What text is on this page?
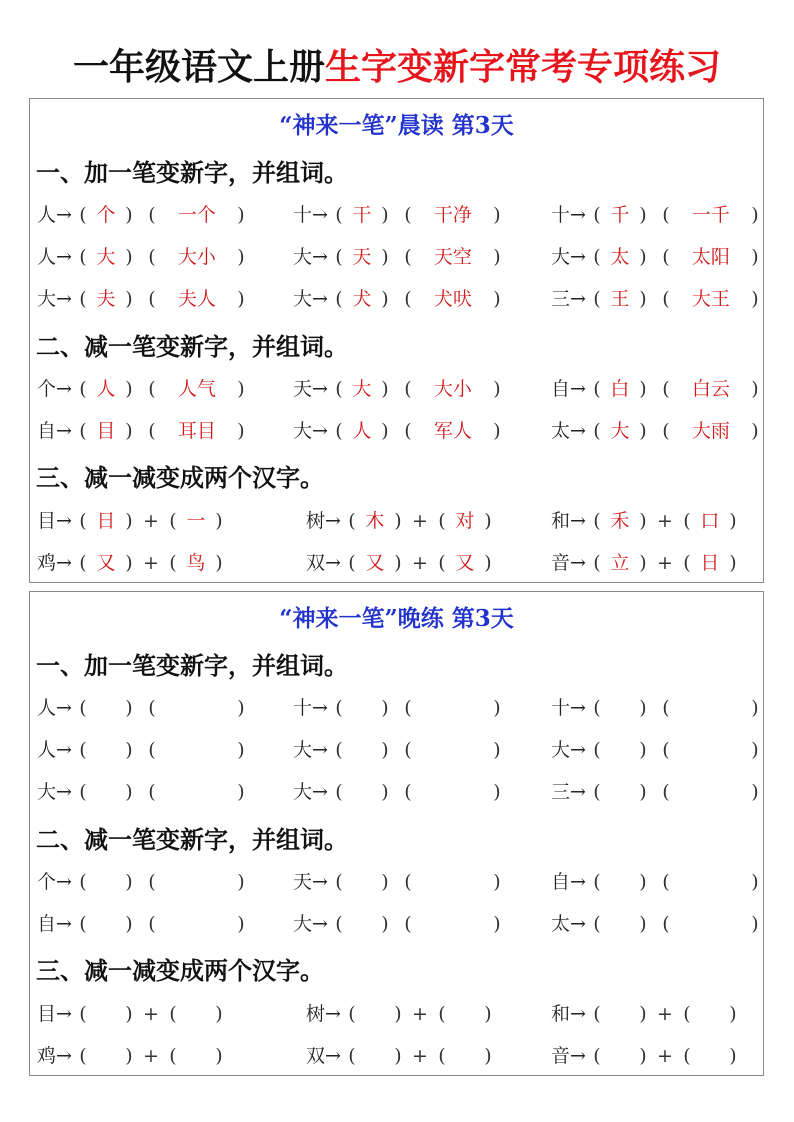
一年级语文上册生字变新字常考专项练习
“神来一笔”晨读 第3天
一、加一笔变新字，并组词。
人→ ( 个 ) ( 一个 )	十→ ( 干 ) ( 干净 )	十→ ( 千 ) ( 一千 )
人→ ( 大 ) ( 大小 )	大→ ( 天 ) ( 天空 )	大→ ( 太 ) ( 太阳 )
大→ ( 夫 ) ( 夫人 )	大→ ( 犬 ) ( 犬吠 )	三→ ( 王 ) ( 大王 )
二、减一笔变新字，并组词。
个→ ( 人 ) ( 人气 )	天→ ( 大 ) ( 大小 )	自→ ( 白 ) ( 白云 )
自→ ( 目 ) ( 耳目 )	大→ ( 人 ) ( 军人 )	太→ ( 大 ) ( 大雨 )
三、减一减变成两个汉字。
目→ ( 日 ) + ( 一 )	树→ ( 木 ) + ( 对 )	和→ ( 禾 ) + ( 口 )
鸡→ ( 又 ) + ( 鸟 )	双→ ( 又 ) + ( 又 )	音→ ( 立 ) + ( 日 )
“神来一笔”晚练 第3天
一、加一笔变新字，并组词。
人→ ( ) (	)	十→ ( ) (	)	十→ ( ) (	)
人→ ( ) (	)	大→ ( ) (	)	大→ ( ) (	)
大→ ( ) (	)	大→ ( ) (	)	三→ ( ) (	)
二、减一笔变新字，并组词。
个→ ( ) (	)	天→ ( ) (	)	自→ ( ) (	)
自→ ( ) (	)	大→ ( ) (	)	太→ ( ) (	)
三、减一减变成两个汉字。
目→ ( ) + ( )	树→ ( ) + ( )	和→ ( ) + ( )
鸡→ ( ) + ( )	双→ ( ) + ( )	音→ ( ) + ( )
